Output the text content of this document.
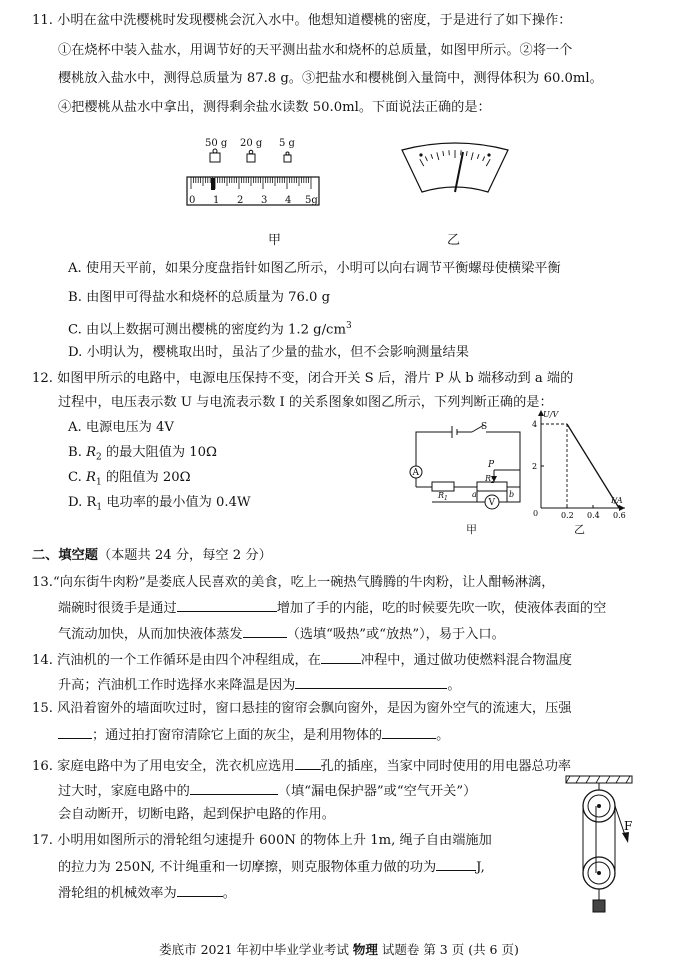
11. 小明在盆中洗樱桃时发现樱桃会沉入水中。他想知道樱桃的密度，于是进行了如下操作：
①在烧杯中装入盐水，用调节好的天平测出盐水和烧杯的总质量，如图甲所示。②将一个
樱桃放入盐水中，测得总质量为 87.8 g。③把盐水和樱桃倒入量筒中，测得体积为 60.0ml。
④把樱桃从盐水中拿出，测得剩余盐水读数 50.0ml。下面说法正确的是：
50 g 20 g 5 g
0 1 2 3 4 5g
甲	乙
A. 使用天平前，如果分度盘指针如图乙所示，小明可以向右调节平衡螺母使横梁平衡
B. 由图甲可得盐水和烧杯的总质量为 76.0 g
C. 由以上数据可测出樱桃的密度约为 1.2 $g/cm^3$
D. 小明认为，樱桃取出时，虽沾了少量的盐水，但不会影响测量结果
12. 如图甲所示的电路中，电源电压保持不变，闭合开关 S 后，滑片 P 从 b 端移动到 a 端的
过程中，电压表示数 U 与电流表示数 I 的关系图象如图乙所示，下列判断正确的是：
A. 电源电压为 4V
B. $R_2$ 的最大阻值为 10Ω
C. $R_1$ 的阻值为 20Ω
D. $R_1$ 电功率的最小值为 0.4W
A
V
S
P
$R_1$
$R_2$
a	b
甲
0.2 0.4 0.6
2
4
U/V
I/A
0
乙
二、填空题（本题共 24 分，每空 2 分）
13.“向东街牛肉粉”是娄底人民喜欢的美食，吃上一碗热气腾腾的牛肉粉，让人酣畅淋漓，
端碗时很烫手是通过	增加了手的内能，吃的时候要先吹一吹，使液体表面的空
气流动加快，从而加快液体蒸发	（选填“吸热”或“放热”），易于入口。
14. 汽油机的一个工作循环是由四个冲程组成，在	冲程中，通过做功使燃料混合物温度
升高；汽油机工作时选择水来降温是因为	。
15. 风沿着窗外的墙面吹过时，窗口悬挂的窗帘会飘向窗外，是因为窗外空气的流速大，压强
；通过拍打窗帘清除它上面的灰尘，是利用物体的	。
16. 家庭电路中为了用电安全，洗衣机应选用 孔的插座，当家中同时使用的用电器总功率
过大时，家庭电路中的	（填“漏电保护器”或“空气开关”）
会自动断开，切断电路，起到保护电路的作用。
17. 小明用如图所示的滑轮组匀速提升 600N 的物体上升 1m, 绳子自由端施加
的拉力为 250N, 不计绳重和一切摩擦，则克服物体重力做的功为	J,
滑轮组的机械效率为	。
F
娄底市 2021 年初中毕业学业考试 物理 试题卷 第 3 页 (共 6 页)
